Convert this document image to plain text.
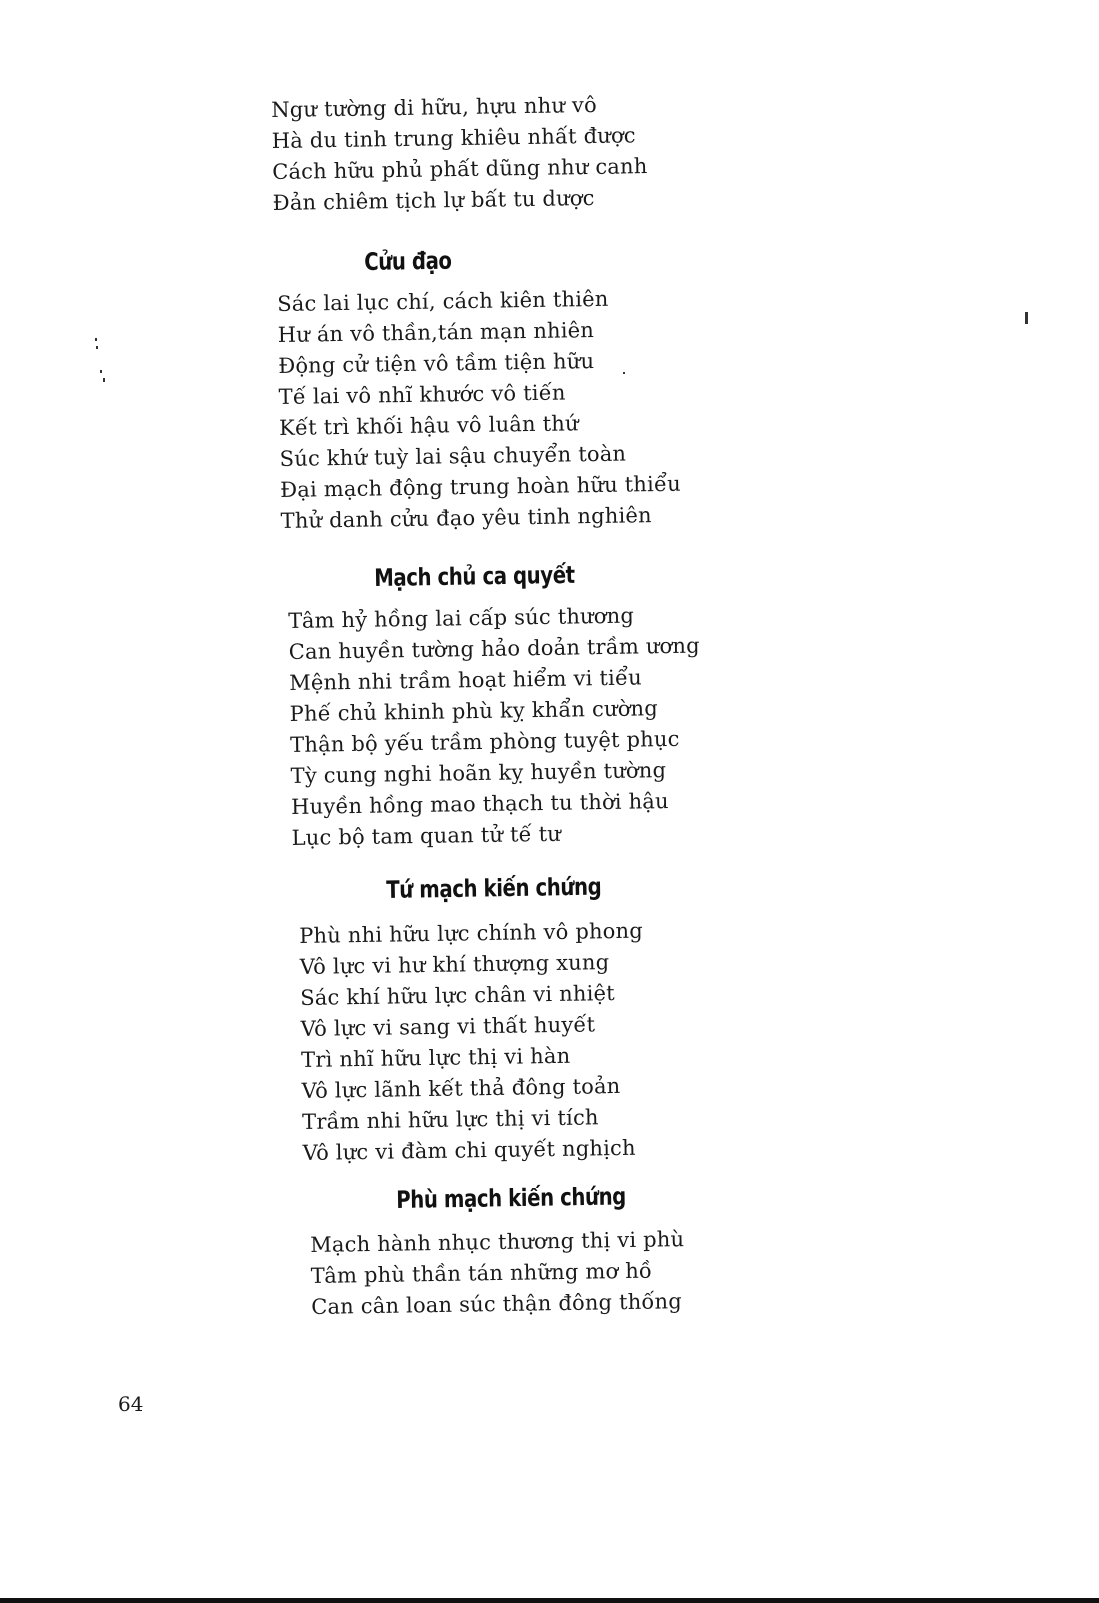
Ngư tường di hữu, hựu như vô
Hà du tinh trung khiêu nhất được
Cách hữu phủ phất dũng như canh
Đản chiêm tịch lự bất tu dược
Cửu đạo
Sác lai lục chí, cách kiên thiên
Hư án vô thần,tán mạn nhiên
Động cử tiện vô tầm tiện hữu
Tế lai vô nhĩ khước vô tiến
Kết trì khối hậu vô luân thứ
Súc khứ tuỳ lai sậu chuyển toàn
Đại mạch động trung hoàn hữu thiểu
Thử danh cửu đạo yêu tinh nghiên
Mạch chủ ca quyết
Tâm hỷ hồng lai cấp súc thương
Can huyền tường hảo doản trầm ương
Mệnh nhi trầm hoạt hiểm vi tiểu
Phế chủ khinh phù kỵ khẩn cường
Thận bộ yếu trầm phòng tuyệt phục
Tỳ cung nghi hoãn kỵ huyền tường
Huyền hồng mao thạch tu thời hậu
Lục bộ tam quan tử tế tư
Tứ mạch kiến chứng
Phù nhi hữu lực chính vô phong
Vô lực vi hư khí thượng xung
Sác khí hữu lực chân vi nhiệt
Vô lực vi sang vi thất huyết
Trì nhĩ hữu lực thị vi hàn
Vô lực lãnh kết thả đông toản
Trầm nhi hữu lực thị vi tích
Vô lực vi đàm chi quyết nghịch
Phù mạch kiến chứng
Mạch hành nhục thương thị vi phù
Tâm phù thần tán những mơ hồ
Can cân loan súc thận đông thống
64
